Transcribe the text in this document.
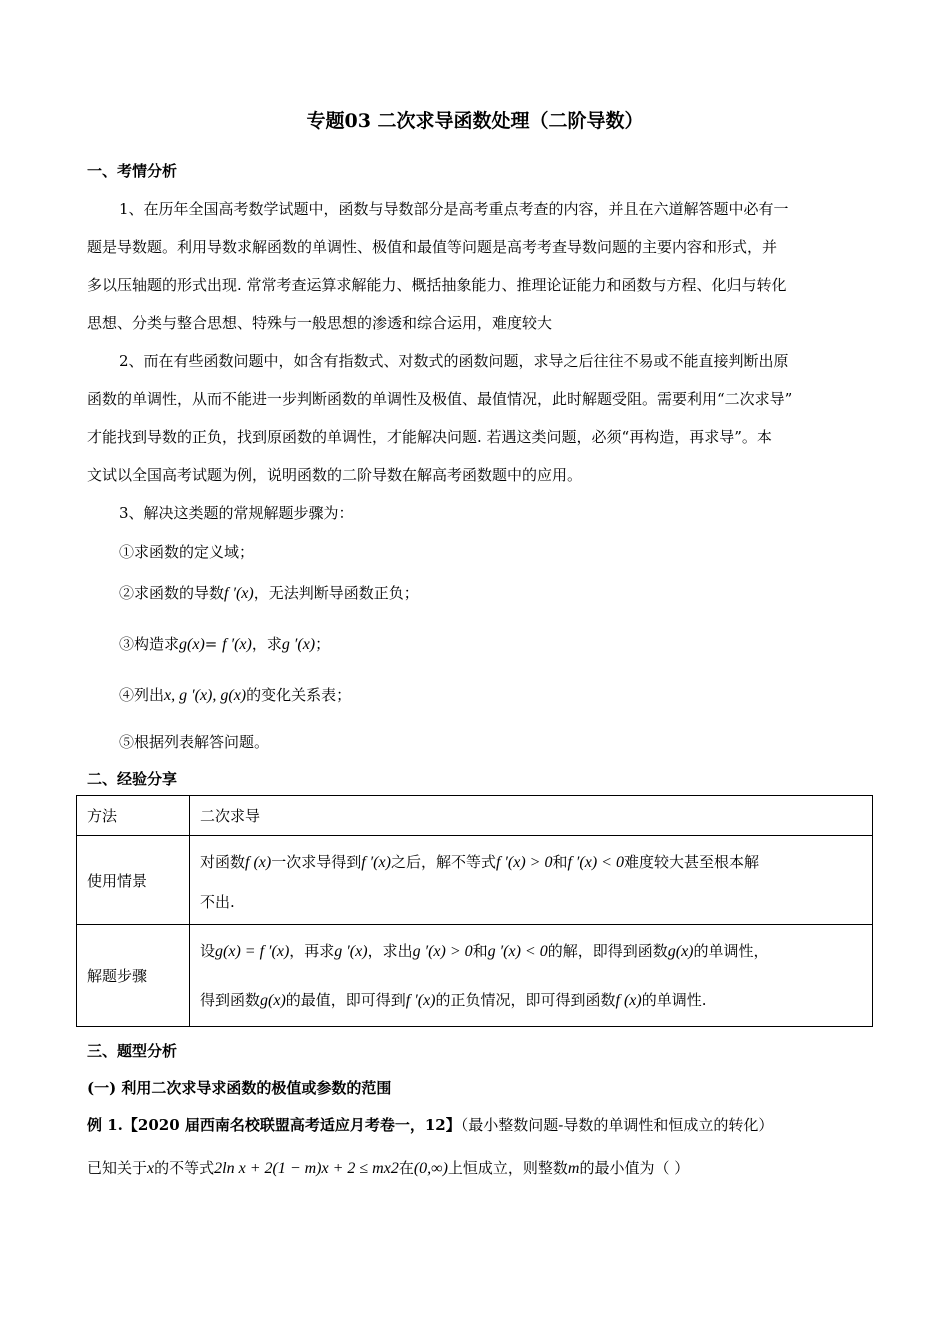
专题03 二次求导函数处理（二阶导数）
一、考情分析
1、在历年全国高考数学试题中，函数与导数部分是高考重点考查的内容，并且在六道解答题中必有一
题是导数题。利用导数求解函数的单调性、极值和最值等问题是高考考查导数问题的主要内容和形式，并
多以压轴题的形式出现. 常常考查运算求解能力、概括抽象能力、推理论证能力和函数与方程、化归与转化
思想、分类与整合思想、特殊与一般思想的渗透和综合运用，难度较大
2、而在有些函数问题中，如含有指数式、对数式的函数问题，求导之后往往不易或不能直接判断出原
函数的单调性，从而不能进一步判断函数的单调性及极值、最值情况，此时解题受阻。需要利用“二次求导”
才能找到导数的正负，找到原函数的单调性，才能解决问题. 若遇这类问题，必须“再构造，再求导”。本
文试以全国高考试题为例，说明函数的二阶导数在解高考函数题中的应用。
3、解决这类题的常规解题步骤为：
①求函数的定义域；
②求函数的导数f ′(x)，无法判断导函数正负；
③构造求g(x)= f ′(x)，求g ′(x)；
④列出x, g ′(x), g(x)的变化关系表；
⑤根据列表解答问题。
二、经验分享
方法	二次求导
使用情景	对函数f (x)一次求导得到f ′(x)之后，解不等式f ′(x) > 0和f ′(x) < 0难度较大甚至根本解
不出.

解题步骤	设g(x) = f ′(x)，再求g ′(x)，求出g ′(x) > 0和g ′(x) < 0的解，即得到函数g(x)的单调性，
得到函数g(x)的最值，即可得到f ′(x)的正负情况，即可得到函数f (x)的单调性.
三、题型分析
(一) 利用二次求导求函数的极值或参数的范围
例 1.【2020 届西南名校联盟高考适应月考卷一，12】（最小整数问题-导数的单调性和恒成立的转化）
已知关于x的不等式2ln x + 2(1 − m)x + 2 ≤ mx2在(0,∞)上恒成立，则整数m的最小值为（ ）
